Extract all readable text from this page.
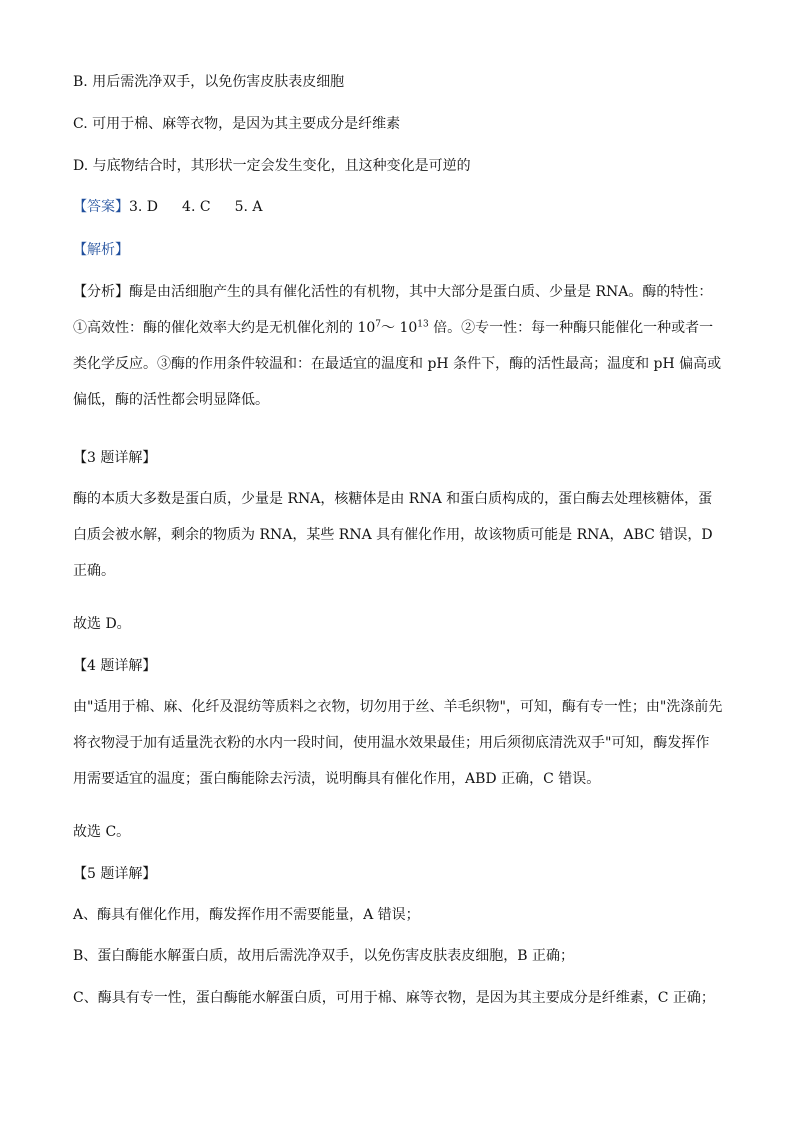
B. 用后需洗净双手，以免伤害皮肤表皮细胞
C. 可用于棉、麻等衣物，是因为其主要成分是纤维素
D. 与底物结合时，其形状一定会发生变化，且这种变化是可逆的
【答案】3. D 4. C 5. A
【解析】
【分析】酶是由活细胞产生的具有催化活性的有机物，其中大部分是蛋白质、少量是 RNA。酶的特性：①高效性：酶的催化效率大约是无机催化剂的 $10^7\sim$ $10^{13}$ 倍。②专一性：每一种酶只能催化一种或者一类化学反应。③酶的作用条件较温和：在最适宜的温度和 pH 条件下，酶的活性最高；温度和 pH 偏高或偏低，酶的活性都会明显降低。
【3 题详解】
酶的本质大多数是蛋白质，少量是 RNA，核糖体是由 RNA 和蛋白质构成的，蛋白酶去处理核糖体，蛋白质会被水解，剩余的物质为 RNA，某些 RNA 具有催化作用，故该物质可能是 RNA，ABC 错误，D 正确。
故选 D。
【4 题详解】
由"适用于棉、麻、化纤及混纺等质料之衣物，切勿用于丝、羊毛织物"，可知，酶有专一性；由"洗涤前先将衣物浸于加有适量洗衣粉的水内一段时间，使用温水效果最佳；用后须彻底清洗双手"可知，酶发挥作用需要适宜的温度；蛋白酶能除去污渍，说明酶具有催化作用，ABD 正确，C 错误。
故选 C。
【5 题详解】
A、酶具有催化作用，酶发挥作用不需要能量，A 错误；
B、蛋白酶能水解蛋白质，故用后需洗净双手，以免伤害皮肤表皮细胞，B 正确；
C、酶具有专一性，蛋白酶能水解蛋白质，可用于棉、麻等衣物，是因为其主要成分是纤维素，C 正确；
